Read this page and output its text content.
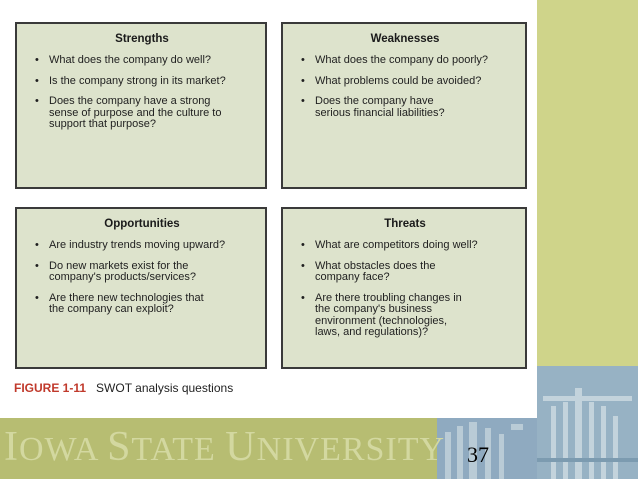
IOWA STATE UNIVERSITY 37
Strengths
• What does the company do well?
• Is the company strong in its market?
• Does the company have a strong sense of purpose and the culture to support that purpose?
Weaknesses
• What does the company do poorly?
• What problems could be avoided?
• Does the company have serious financial liabilities?
Opportunities
• Are industry trends moving upward?
• Do new markets exist for the company's products/services?
• Are there new technologies that the company can exploit?
Threats
• What are competitors doing well?
• What obstacles does the company face?
• Are there troubling changes in the company's business environment (technologies, laws, and regulations)?
FIGURE 1-11 SWOT analysis questions
